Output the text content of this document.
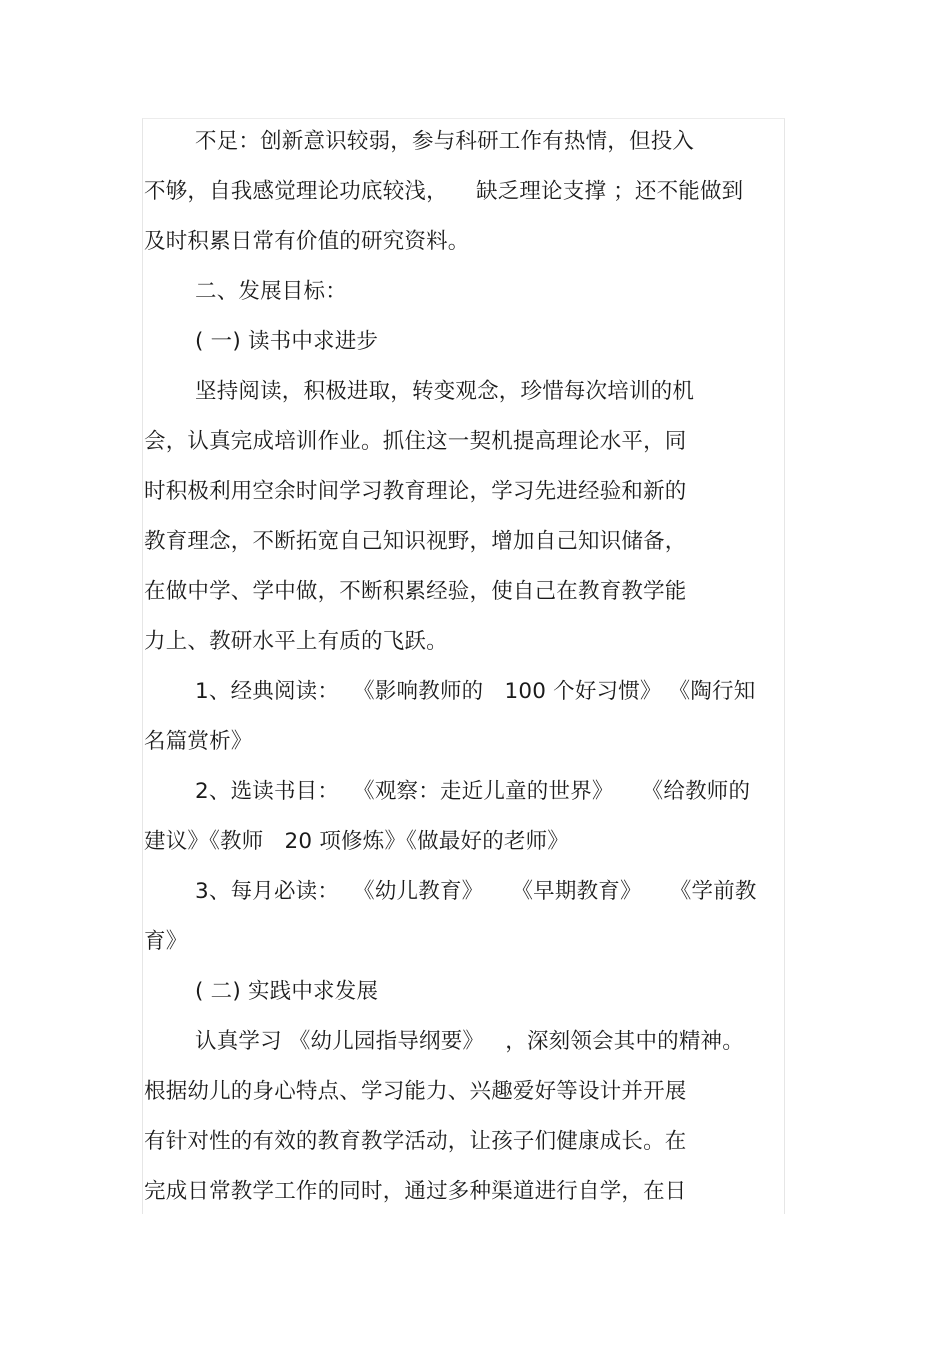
不足：创新意识较弱，参与科研工作有热情，但投入
不够，自我感觉理论功底较浅，    缺乏理论支撑 ；还不能做到
及时积累日常有价值的研究资料。
二、发展目标：
( 一) 读书中求进步
坚持阅读，积极进取，转变观念，珍惜每次培训的机
会，认真完成培训作业。抓住这一契机提高理论水平，同
时积极利用空余时间学习教育理论，学习先进经验和新的
教育理念，不断拓宽自己知识视野，增加自己知识储备，
在做中学、学中做，不断积累经验，使自己在教育教学能
力上、教研水平上有质的飞跃。
1、经典阅读：  《影响教师的   100 个好习惯》 《陶行知
名篇赏析》
2、选读书目：  《观察：走近儿童的世界》    《给教师的
建议》《教师   20 项修炼》《做最好的老师》
3、每月必读：  《幼儿教育》    《早期教育》    《学前教
育》
( 二) 实践中求发展
认真学习 《幼儿园指导纲要》   ，深刻领会其中的精神。
根据幼儿的身心特点、学习能力、兴趣爱好等设计并开展
有针对性的有效的教育教学活动，让孩子们健康成长。在
完成日常教学工作的同时，通过多种渠道进行自学，在日
